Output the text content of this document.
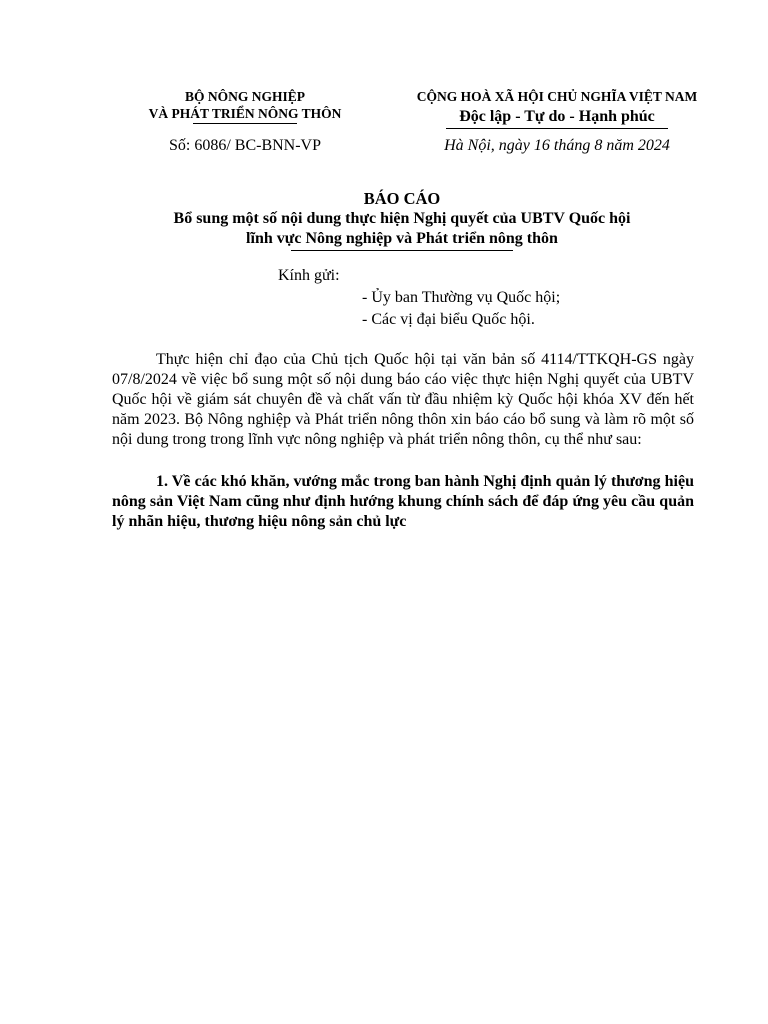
BỘ NÔNG NGHIỆP
VÀ PHÁT TRIỂN NÔNG THÔN
Số: 6086/ BC-BNN-VP
CỘNG HOÀ XÃ HỘI CHỦ NGHĨA VIỆT NAM
Độc lập - Tự do - Hạnh phúc
Hà Nội, ngày 16 tháng 8 năm 2024
BÁO CÁO
Bổ sung một số nội dung thực hiện Nghị quyết của UBTV Quốc hội
lĩnh vực Nông nghiệp và Phát triển nông thôn
Kính gửi:
- Ủy ban Thường vụ Quốc hội;
- Các vị đại biểu Quốc hội.
Thực hiện chỉ đạo của Chủ tịch Quốc hội tại văn bản số 4114/TTKQH-GS ngày 07/8/2024 về việc bổ sung một số nội dung báo cáo việc thực hiện Nghị quyết của UBTV Quốc hội về giám sát chuyên đề và chất vấn từ đầu nhiệm kỳ Quốc hội khóa XV đến hết năm 2023. Bộ Nông nghiệp và Phát triển nông thôn xin báo cáo bổ sung và làm rõ một số nội dung trong trong lĩnh vực nông nghiệp và phát triển nông thôn, cụ thể như sau:
1. Về các khó khăn, vướng mắc trong ban hành Nghị định quản lý thương hiệu nông sản Việt Nam cũng như định hướng khung chính sách để đáp ứng yêu cầu quản lý nhãn hiệu, thương hiệu nông sản chủ lực
